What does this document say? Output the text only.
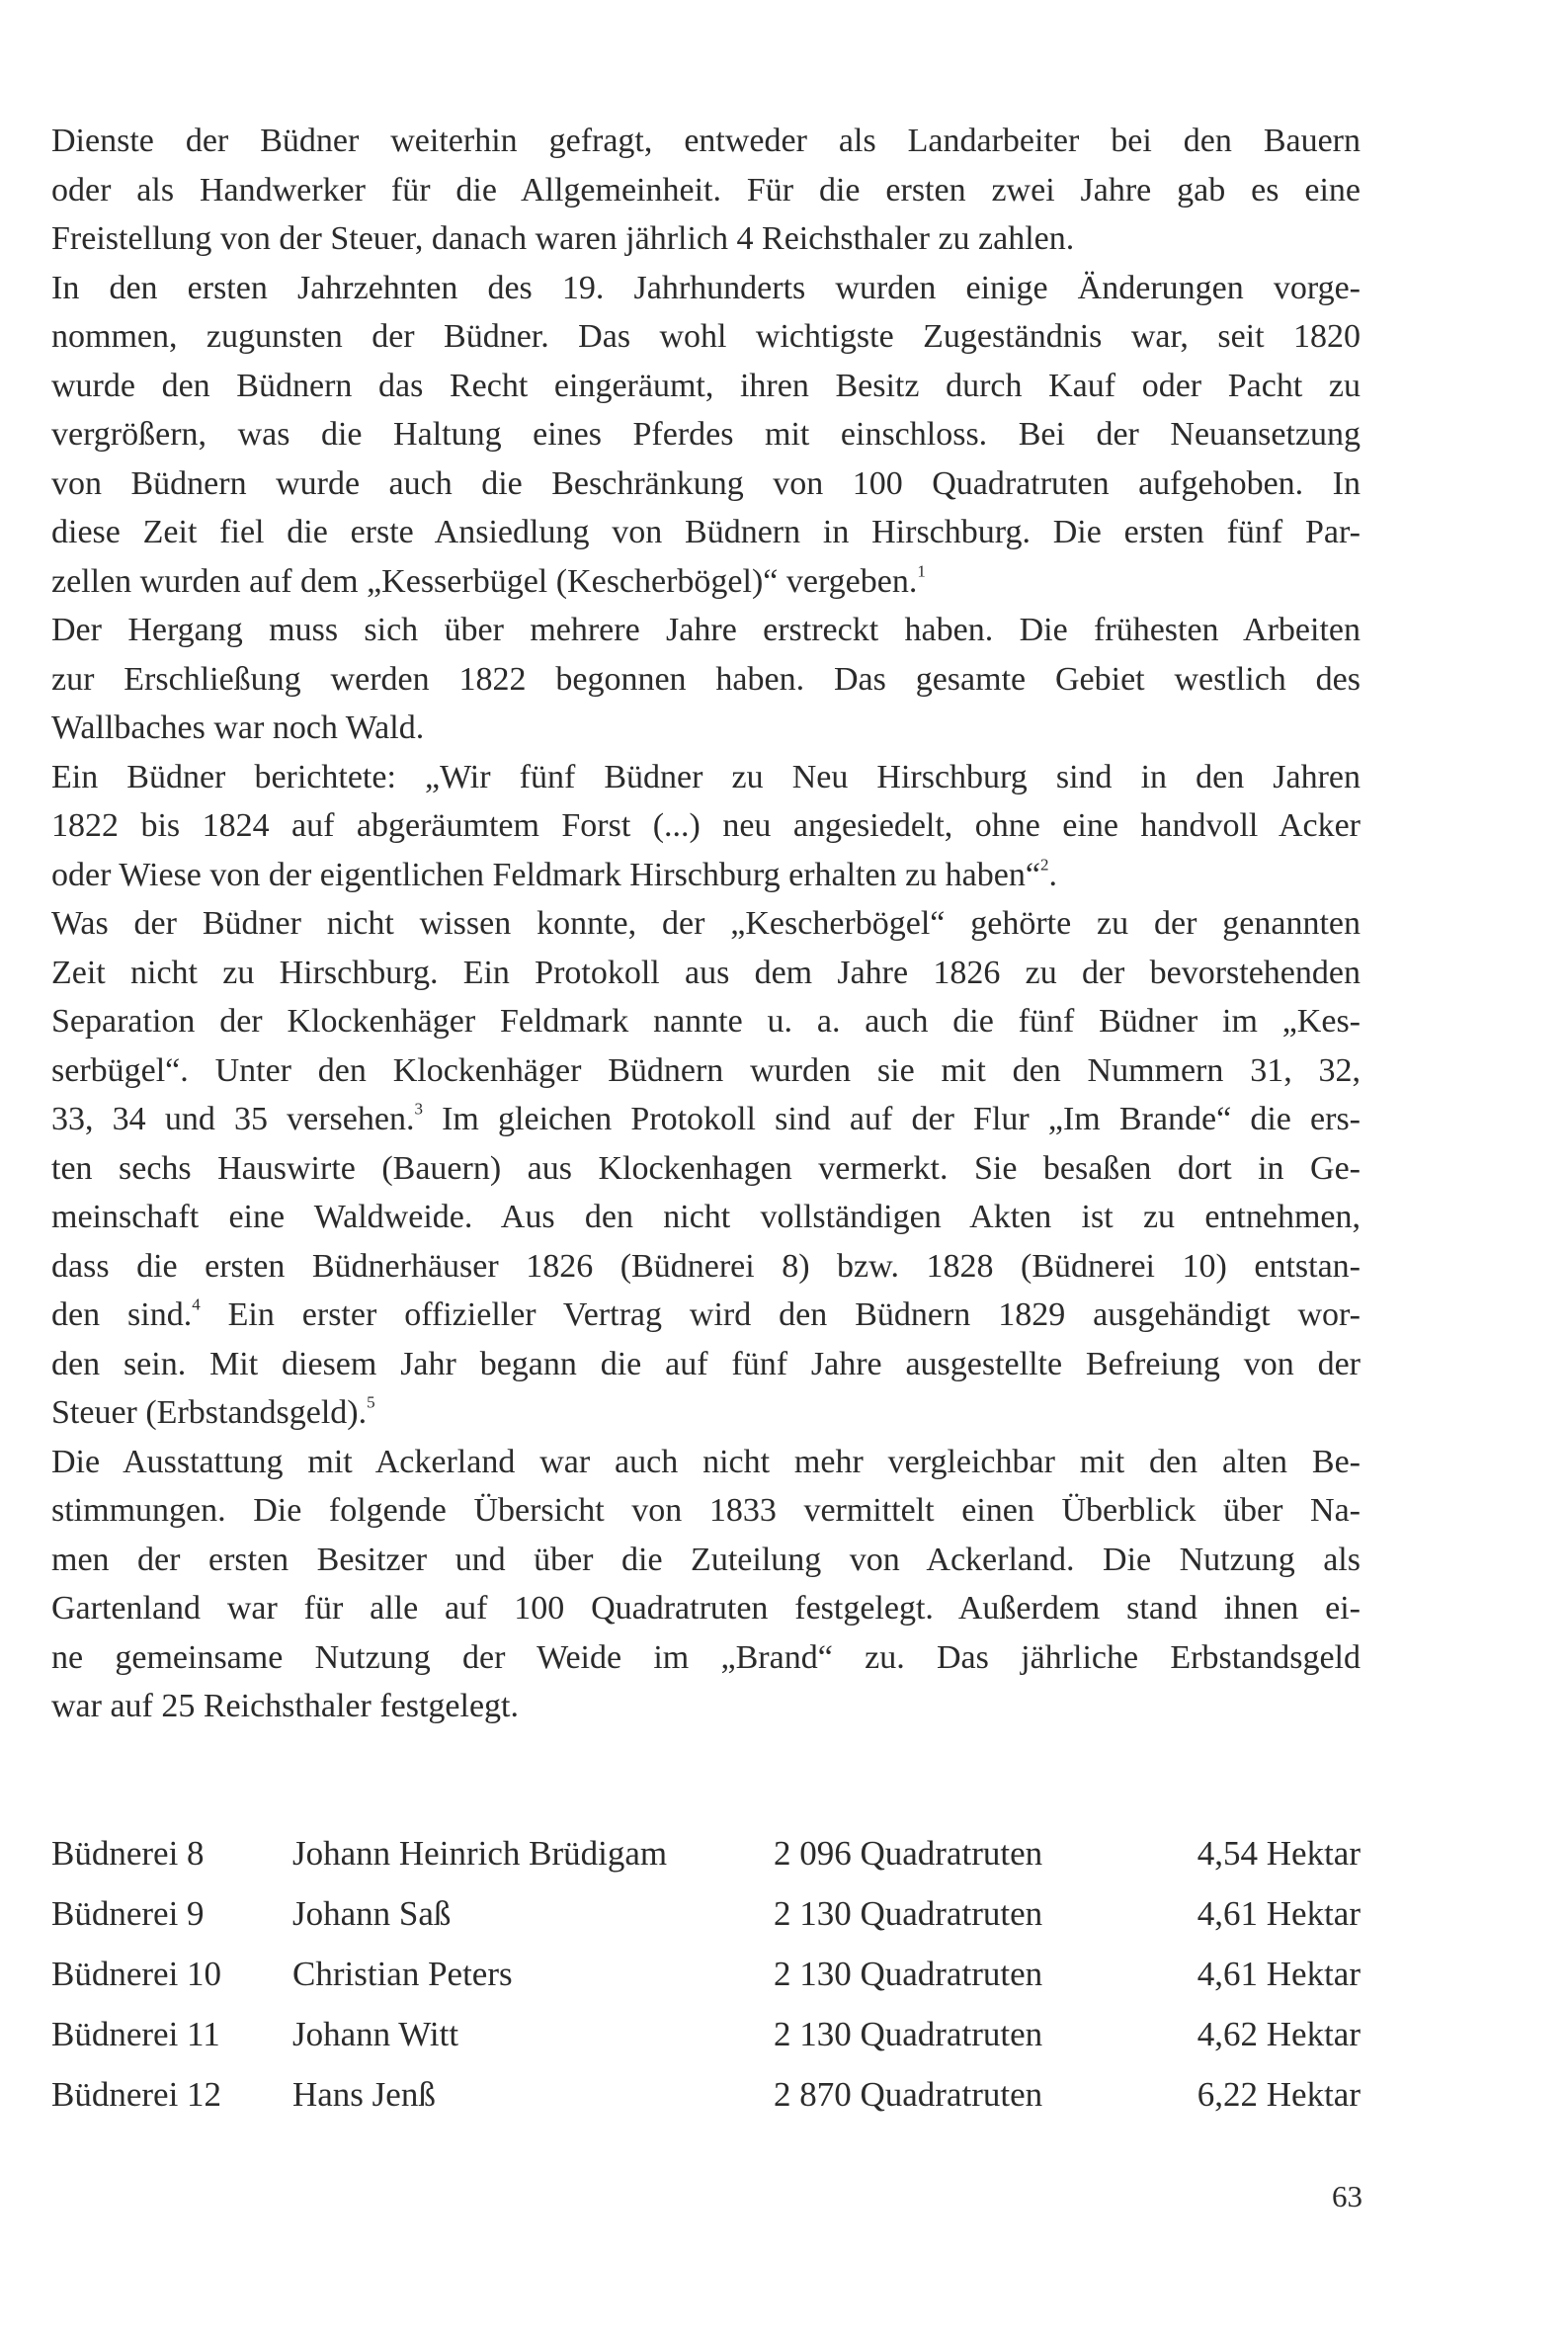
Dienste der Büdner weiterhin gefragt, entweder als Landarbeiter bei den Bauern
oder als Handwerker für die Allgemeinheit. Für die ersten zwei Jahre gab es eine
Freistellung von der Steuer, danach waren jährlich 4 Reichsthaler zu zahlen.
In den ersten Jahrzehnten des 19. Jahrhunderts wurden einige Änderungen vorge-
nommen, zugunsten der Büdner. Das wohl wichtigste Zugeständnis war, seit 1820
wurde den Büdnern das Recht eingeräumt, ihren Besitz durch Kauf oder Pacht zu
vergrößern, was die Haltung eines Pferdes mit einschloss. Bei der Neuansetzung
von Büdnern wurde auch die Beschränkung von 100 Quadratruten aufgehoben. In
diese Zeit fiel die erste Ansiedlung von Büdnern in Hirschburg. Die ersten fünf Par-
zellen wurden auf dem „Kesserbügel (Kescherbögel)“ vergeben.$^1$
Der Hergang muss sich über mehrere Jahre erstreckt haben. Die frühesten Arbeiten
zur Erschließung werden 1822 begonnen haben. Das gesamte Gebiet westlich des
Wallbaches war noch Wald.
Ein Büdner berichtete: „Wir fünf Büdner zu Neu Hirschburg sind in den Jahren
1822 bis 1824 auf abgeräumtem Forst (...) neu angesiedelt, ohne eine handvoll Acker
oder Wiese von der eigentlichen Feldmark Hirschburg erhalten zu haben“$^2$.
Was der Büdner nicht wissen konnte, der „Kescherbögel“ gehörte zu der genannten
Zeit nicht zu Hirschburg. Ein Protokoll aus dem Jahre 1826 zu der bevorstehenden
Separation der Klockenhäger Feldmark nannte u. a. auch die fünf Büdner im „Kes-
serbügel“. Unter den Klockenhäger Büdnern wurden sie mit den Nummern 31, 32,
33, 34 und 35 versehen.$^3$ Im gleichen Protokoll sind auf der Flur „Im Brande“ die ers-
ten sechs Hauswirte (Bauern) aus Klockenhagen vermerkt. Sie besaßen dort in Ge-
meinschaft eine Waldweide. Aus den nicht vollständigen Akten ist zu entnehmen,
dass die ersten Büdnerhäuser 1826 (Büdnerei 8) bzw. 1828 (Büdnerei 10) entstan-
den sind.$^4$ Ein erster offizieller Vertrag wird den Büdnern 1829 ausgehändigt wor-
den sein. Mit diesem Jahr begann die auf fünf Jahre ausgestellte Befreiung von der
Steuer (Erbstandsgeld).$^5$
Die Ausstattung mit Ackerland war auch nicht mehr vergleichbar mit den alten Be-
stimmungen. Die folgende Übersicht von 1833 vermittelt einen Überblick über Na-
men der ersten Besitzer und über die Zuteilung von Ackerland. Die Nutzung als
Gartenland war für alle auf 100 Quadratruten festgelegt. Außerdem stand ihnen ei-
ne gemeinsame Nutzung der Weide im „Brand“ zu. Das jährliche Erbstandsgeld
war auf 25 Reichsthaler festgelegt.
Büdnerei 8	Johann Heinrich Brüdigam	2 096 Quadratruten	4,54 Hektar
Büdnerei 9	Johann Saß	2 130 Quadratruten	4,61 Hektar
Büdnerei 10 Christian Peters	2 130 Quadratruten	4,61 Hektar
Büdnerei 11 Johann Witt	2 130 Quadratruten	4,62 Hektar
Büdnerei 12 Hans Jenß	2 870 Quadratruten	6,22 Hektar
63
